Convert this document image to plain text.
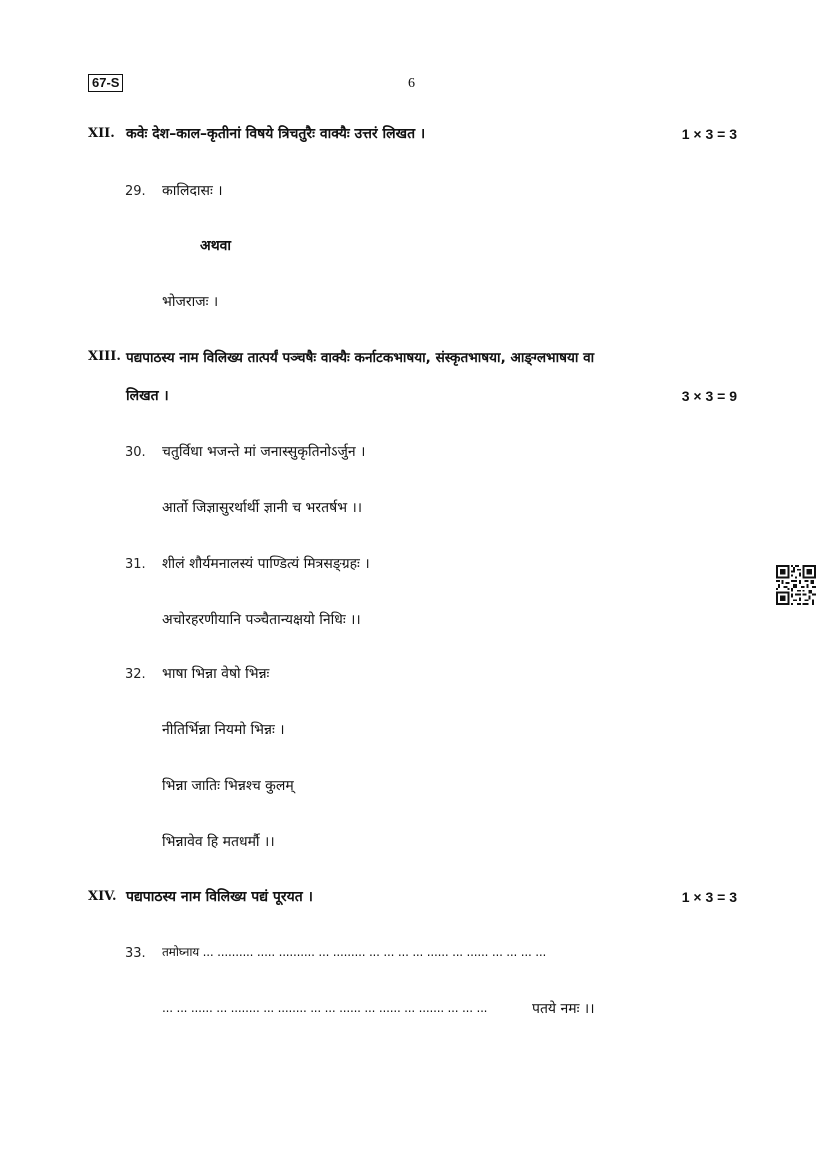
67-S	6
XII. कवेः देश–काल–कृतीनां विषये त्रिचतुरैः वाक्यैः उत्तरं लिखत ।	1 × 3 = 3
29. कालिदासः ।
अथवा
भोजराजः ।
XIII. पद्यपाठस्य नाम विलिख्य तात्पर्यं पञ्चषैः वाक्यैः कर्नाटकभाषया, संस्कृतभाषया, आङ्ग्लभाषया वा
लिखत ।	3 × 3 = 9
30. चतुर्विधा भजन्ते मां जनास्सुकृतिनोऽर्जुन ।
आर्तो जिज्ञासुरर्थार्थी ज्ञानी च भरतर्षभ ।।
31. शीलं शौर्यमनालस्यं पाण्डित्यं मित्रसङ्ग्रहः ।
अचोरहरणीयानि पञ्चैतान्यक्षयो निधिः ।।
32. भाषा भिन्ना वेषो भिन्नः
नीतिर्भिन्ना नियमो भिन्नः ।
भिन्ना जातिः भिन्नश्च कुलम्
भिन्नावेव हि मतधर्मौ ।।
XIV. पद्यपाठस्य नाम विलिख्य पद्यं पूरयत ।	1 × 3 = 3
33. तमोघ्नाय ... .......... ..... .......... ... ......... ... ... ... ... ...... ... ...... ... ... ... ...
... ... ...... ... ........ ... ........ ... ... ...... ... ...... ... ....... ... ... ...	पतये नमः ।।
